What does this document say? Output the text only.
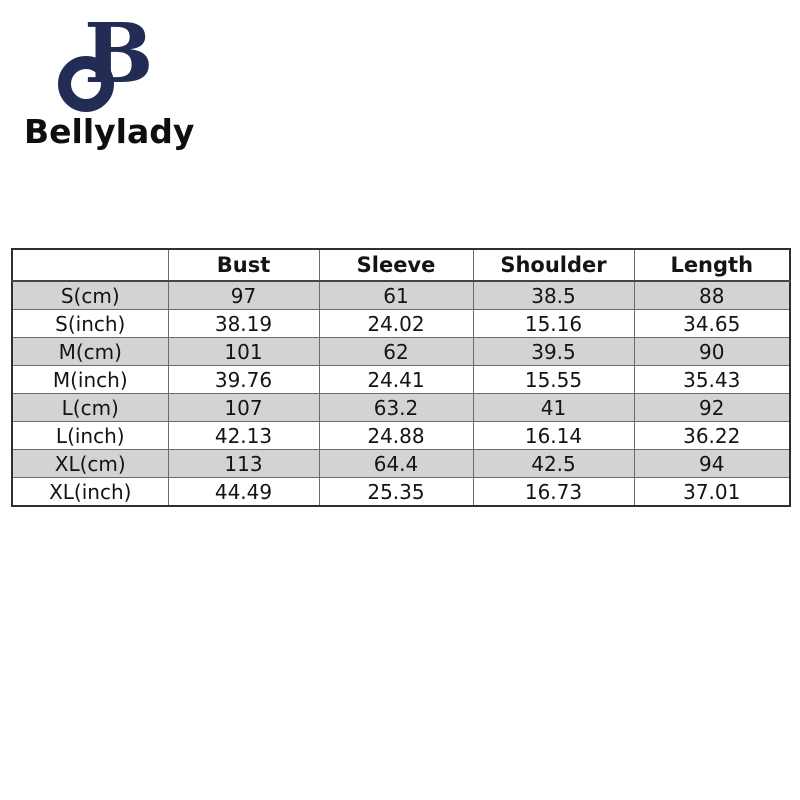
B
Bellylady
	Bust	Sleeve	Shoulder	Length
S(cm)	97	61	38.5	88
S(inch)	38.19	24.02	15.16	34.65
M(cm)	101	62	39.5	90
M(inch)	39.76	24.41	15.55	35.43
L(cm)	107	63.2	41	92
L(inch)	42.13	24.88	16.14	36.22
XL(cm)	113	64.4	42.5	94
XL(inch)	44.49	25.35	16.73	37.01
